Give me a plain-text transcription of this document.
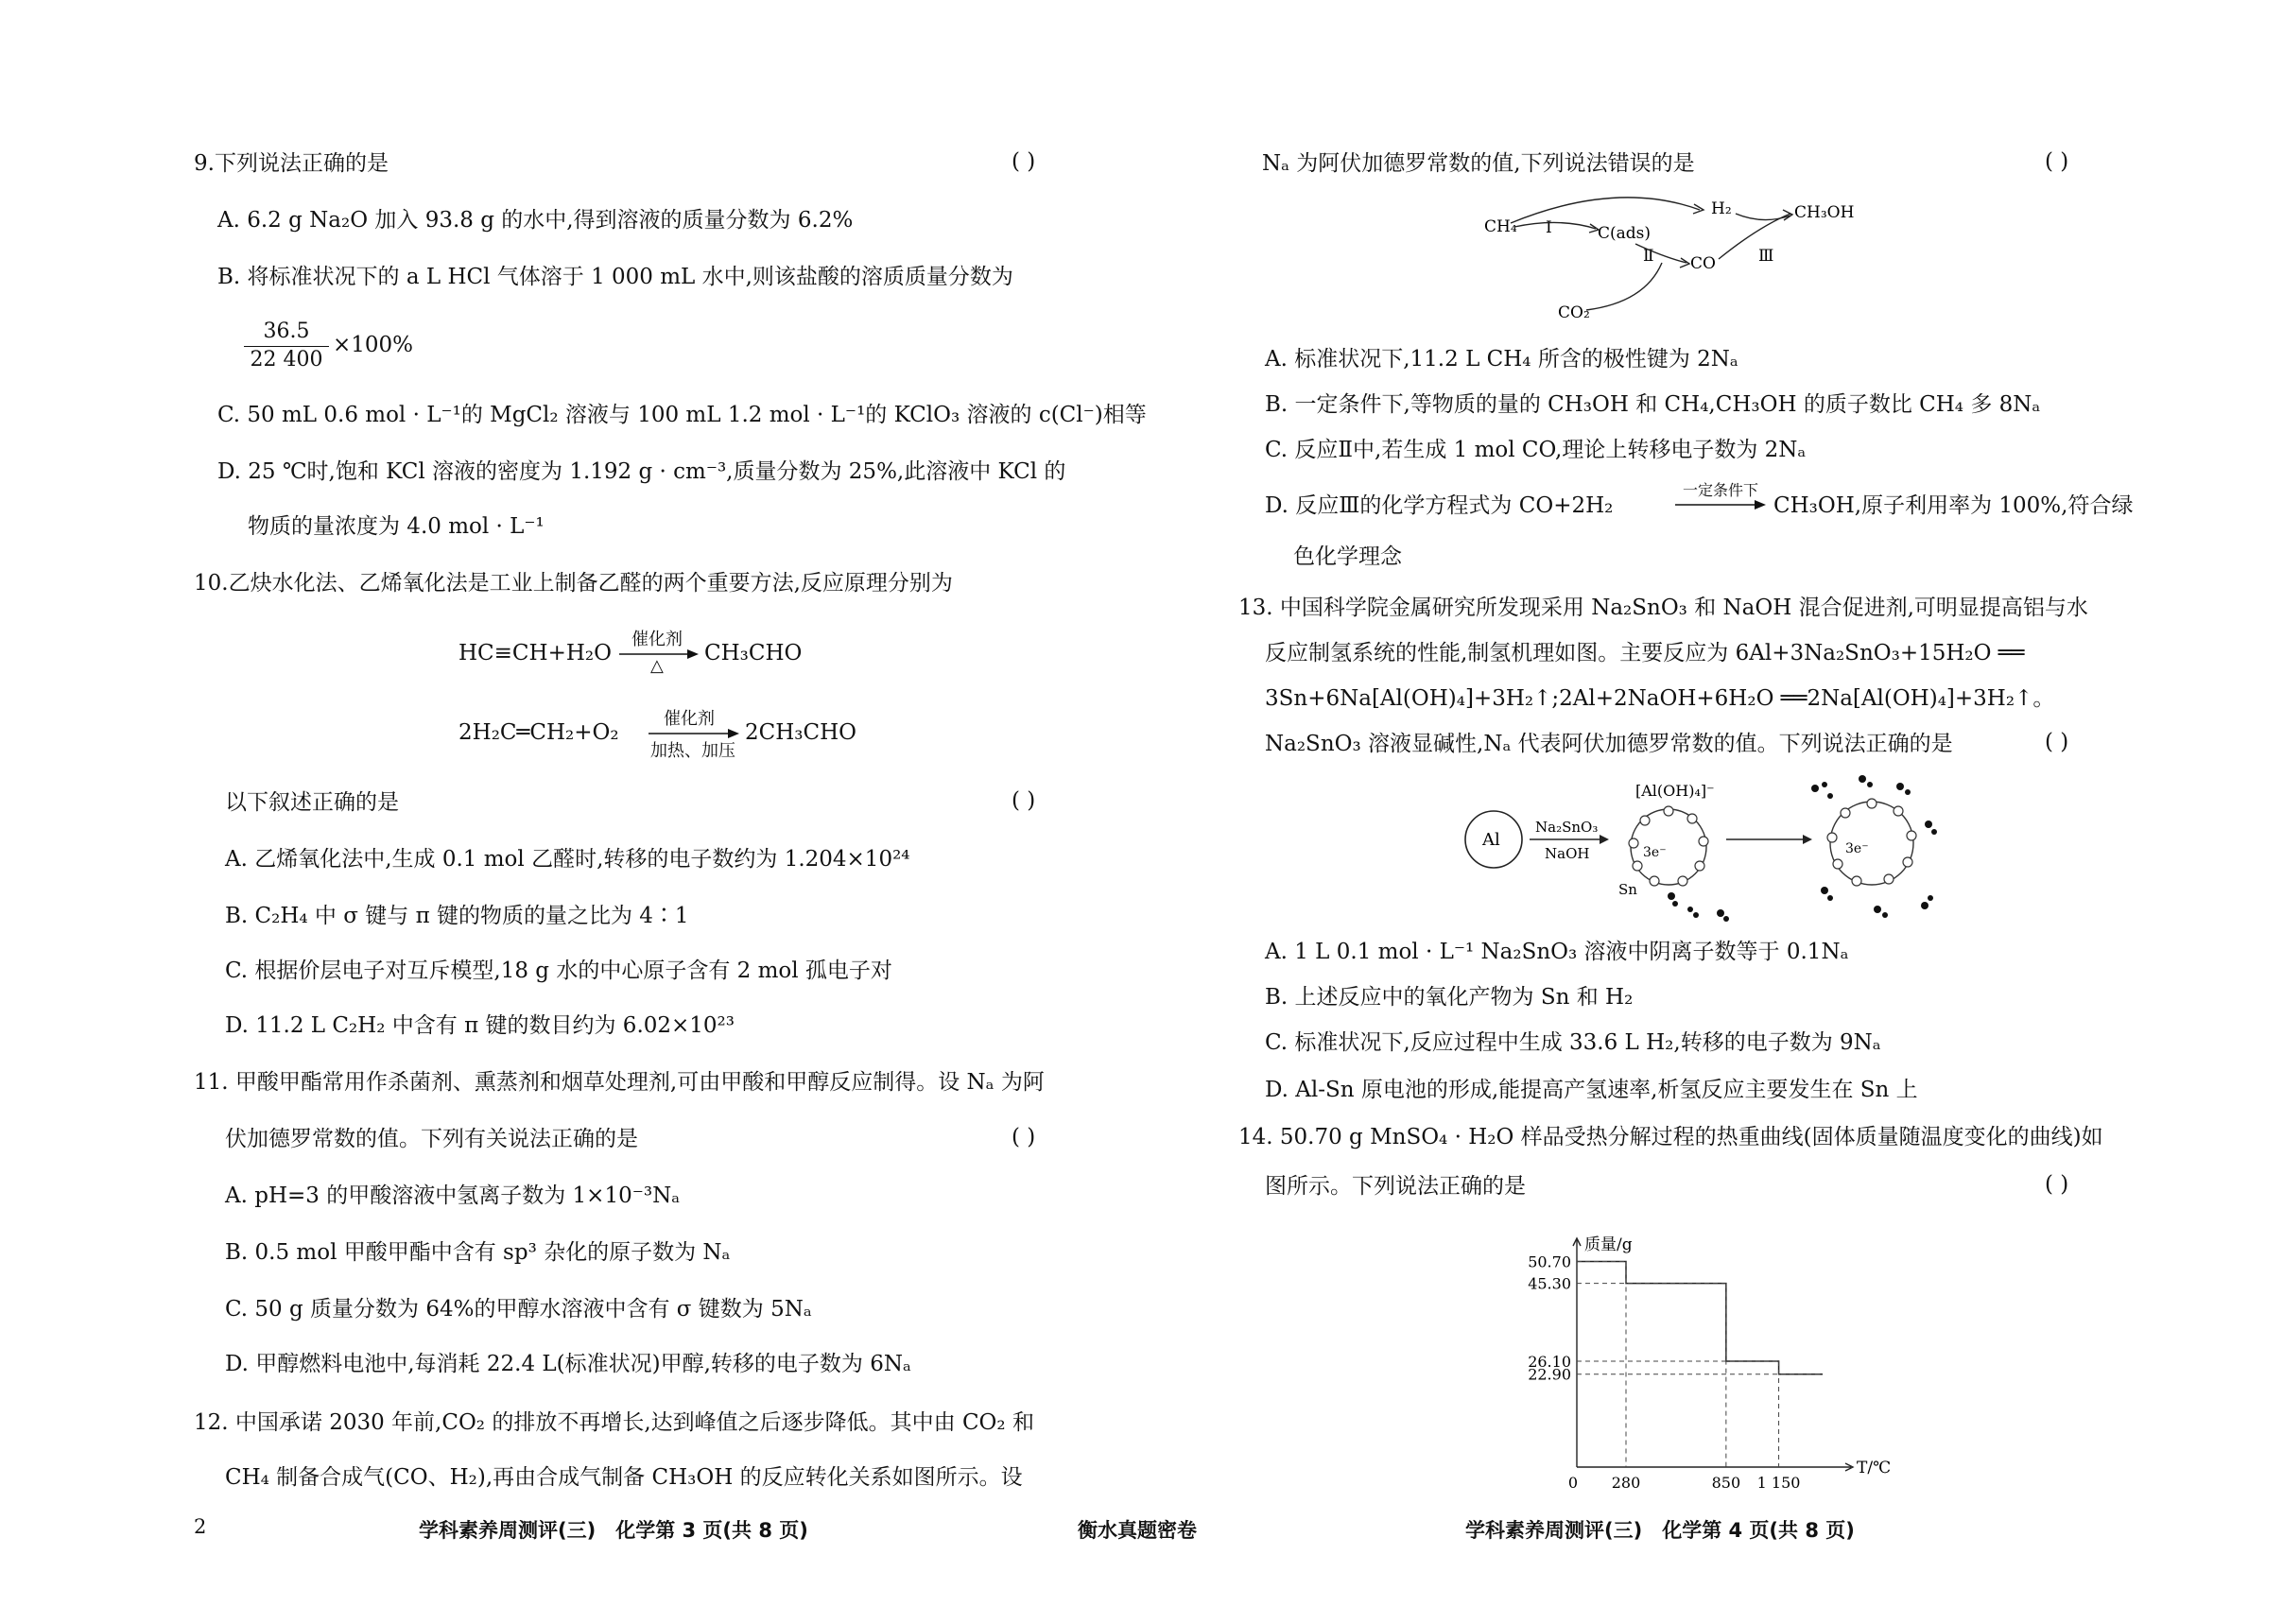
9.下列说法正确的是	( )
A. 6.2 g Na₂O 加入 93.8 g 的水中,得到溶液的质量分数为 6.2%
B. 将标准状况下的 a L HCl 气体溶于 1 000 mL 水中,则该盐酸的溶质质量分数为
36.5
22 400
×100%
C. 50 mL 0.6 mol · L⁻¹的 MgCl₂ 溶液与 100 mL 1.2 mol · L⁻¹的 KClO₃ 溶液的 c(Cl⁻)相等
D. 25 ℃时,饱和 KCl 溶液的密度为 1.192 g · cm⁻³,质量分数为 25%,此溶液中 KCl 的
物质的量浓度为 4.0 mol · L⁻¹
10.乙炔水化法、乙烯氧化法是工业上制备乙醛的两个重要方法,反应原理分别为
HC≡CH+H₂O
催化剂
△
CH₃CHO
2H₂C═CH₂+O₂
催化剂
加热、加压
2CH₃CHO
以下叙述正确的是	( )
A. 乙烯氧化法中,生成 0.1 mol 乙醛时,转移的电子数约为 1.204×10²⁴
B. C₂H₄ 中 σ 键与 π 键的物质的量之比为 4∶1
C. 根据价层电子对互斥模型,18 g 水的中心原子含有 2 mol 孤电子对
D. 11.2 L C₂H₂ 中含有 π 键的数目约为 6.02×10²³
11. 甲酸甲酯常用作杀菌剂、熏蒸剂和烟草处理剂,可由甲酸和甲醇反应制得。设 Nₐ 为阿
伏加德罗常数的值。下列有关说法正确的是	( )
A. pH=3 的甲酸溶液中氢离子数为 1×10⁻³Nₐ
B. 0.5 mol 甲酸甲酯中含有 sp³ 杂化的原子数为 Nₐ
C. 50 g 质量分数为 64%的甲醇水溶液中含有 σ 键数为 5Nₐ
D. 甲醇燃料电池中,每消耗 22.4 L(标准状况)甲醇,转移的电子数为 6Nₐ
12. 中国承诺 2030 年前,CO₂ 的排放不再增长,达到峰值之后逐步降低。其中由 CO₂ 和
CH₄ 制备合成气(CO、H₂),再由合成气制备 CH₃OH 的反应转化关系如图所示。设
Nₐ 为阿伏加德罗常数的值,下列说法错误的是	( )
CH₄ Ⅰ	C(ads)
Ⅱ CO
H₂
Ⅲ
CH₃OH
CO₂
A. 标准状况下,11.2 L CH₄ 所含的极性键为 2Nₐ
B. 一定条件下,等物质的量的 CH₃OH 和 CH₄,CH₃OH 的质子数比 CH₄ 多 8Nₐ
C. 反应Ⅱ中,若生成 1 mol CO,理论上转移电子数为 2Nₐ
D. 反应Ⅲ的化学方程式为 CO+2H₂
一定条件下
CH₃OH,原子利用率为 100%,符合绿
色化学理念
13. 中国科学院金属研究所发现采用 Na₂SnO₃ 和 NaOH 混合促进剂,可明显提高铝与水
反应制氢系统的性能,制氢机理如图。主要反应为 6Al+3Na₂SnO₃+15H₂O ══
3Sn+6Na[Al(OH)₄]+3H₂↑;2Al+2NaOH+6H₂O ══2Na[Al(OH)₄]+3H₂↑。
Na₂SnO₃ 溶液显碱性,Nₐ 代表阿伏加德罗常数的值。下列说法正确的是	( )
Al
Na₂SnO₃
NaOH
[Al(OH)₄]⁻
3e⁻
Sn
3e⁻
A. 1 L 0.1 mol · L⁻¹ Na₂SnO₃ 溶液中阴离子数等于 0.1Nₐ
B. 上述反应中的氧化产物为 Sn 和 H₂
C. 标准状况下,反应过程中生成 33.6 L H₂,转移的电子数为 9Nₐ
D. Al-Sn 原电池的形成,能提高产氢速率,析氢反应主要发生在 Sn 上
14. 50.70 g MnSO₄ · H₂O 样品受热分解过程的热重曲线(固体质量随温度变化的曲线)如
图所示。下列说法正确的是	( )
质量/g
T/℃
50.70
45.30
26.10
22.90
0 280	850 1 150
2	学科素养周测评(三)　化学第 3 页(共 8 页)	衡水真题密卷	学科素养周测评(三)　化学第 4 页(共 8 页)
